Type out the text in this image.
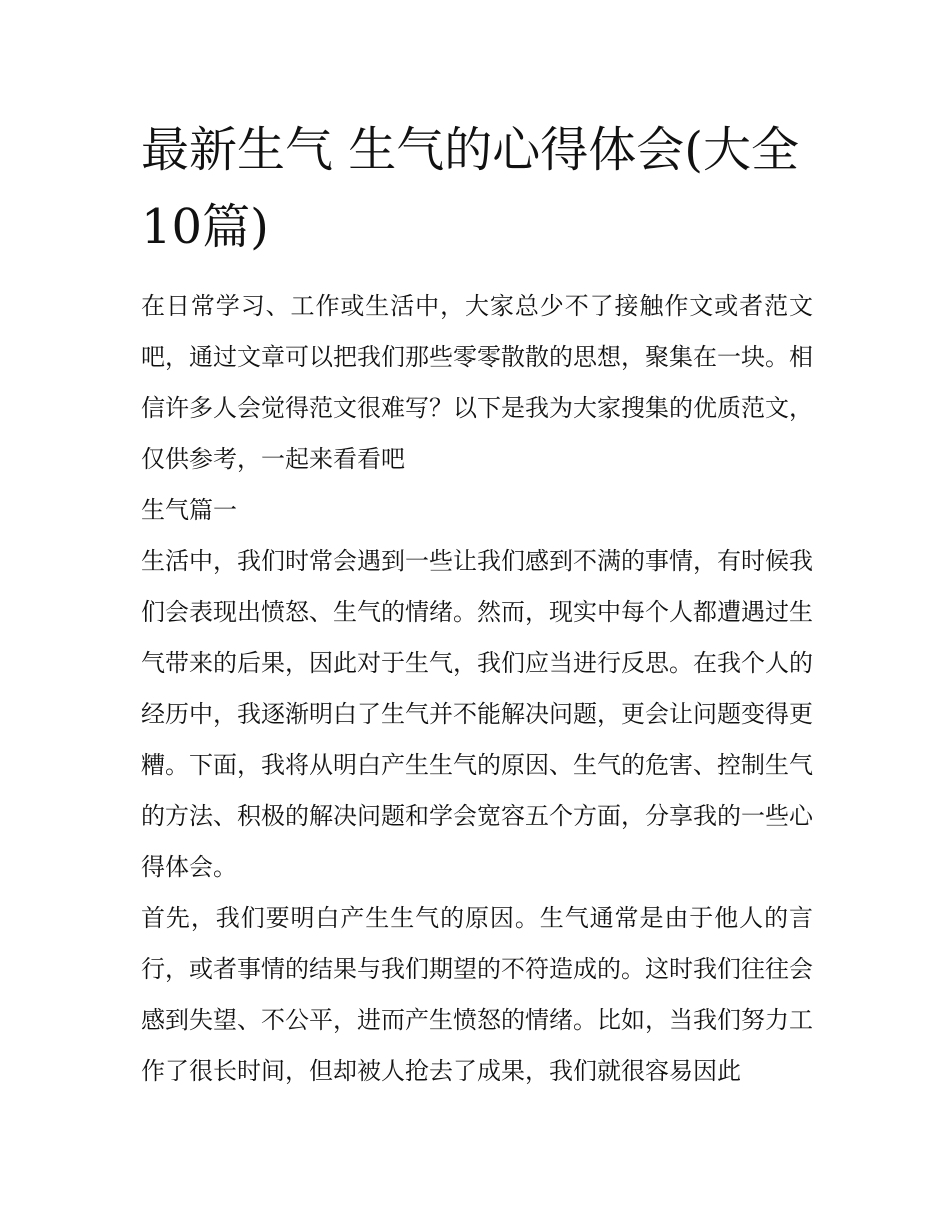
最新生气 生气的心得体会(大全10篇)

在日常学习、工作或生活中，大家总少不了接触作文或者范文吧，通过文章可以把我们那些零零散散的思想，聚集在一块。相信许多人会觉得范文很难写？以下是我为大家搜集的优质范文，仅供参考，一起来看看吧

生气篇一

生活中，我们时常会遇到一些让我们感到不满的事情，有时候我们会表现出愤怒、生气的情绪。然而，现实中每个人都遭遇过生气带来的后果，因此对于生气，我们应当进行反思。在我个人的经历中，我逐渐明白了生气并不能解决问题，更会让问题变得更糟。下面，我将从明白产生生气的原因、生气的危害、控制生气的方法、积极的解决问题和学会宽容五个方面，分享我的一些心得体会。

首先，我们要明白产生生气的原因。生气通常是由于他人的言行，或者事情的结果与我们期望的不符造成的。这时我们往往会感到失望、不公平，进而产生愤怒的情绪。比如，当我们努力工作了很长时间，但却被人抢去了成果，我们就很容易因此
